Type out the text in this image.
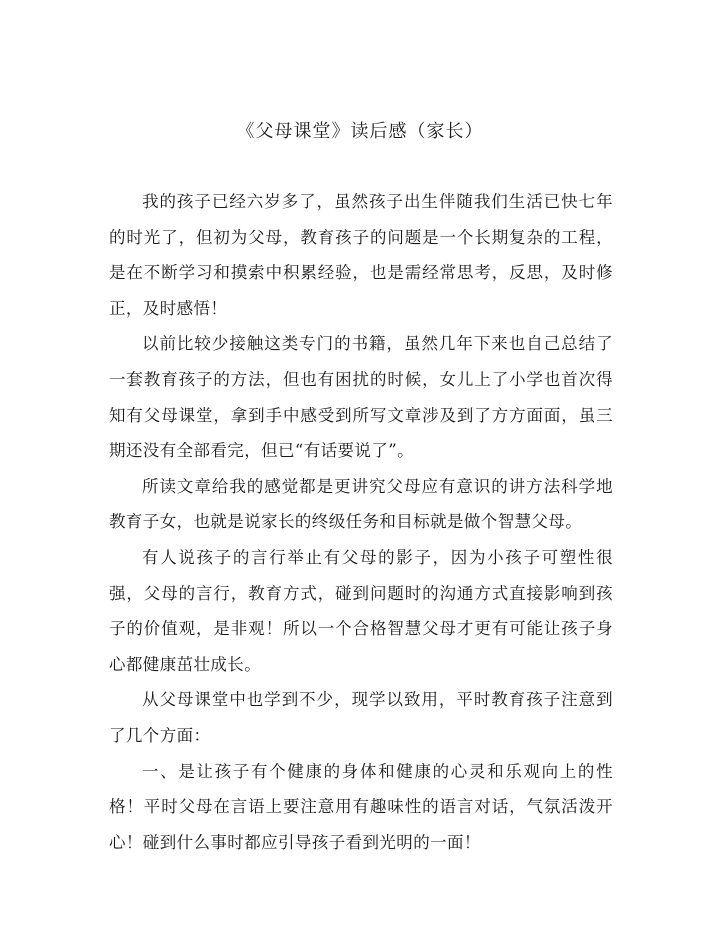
《父母课堂》读后感（家长）

我的孩子已经六岁多了，虽然孩子出生伴随我们生活已快七年的时光了，但初为父母，教育孩子的问题是一个长期复杂的工程，是在不断学习和摸索中积累经验，也是需经常思考，反思，及时修正，及时感悟！

以前比较少接触这类专门的书籍，虽然几年下来也自己总结了一套教育孩子的方法，但也有困扰的时候，女儿上了小学也首次得知有父母课堂，拿到手中感受到所写文章涉及到了方方面面，虽三期还没有全部看完，但已“有话要说了”。

所读文章给我的感觉都是更讲究父母应有意识的讲方法科学地教育子女，也就是说家长的终级任务和目标就是做个智慧父母。

有人说孩子的言行举止有父母的影子，因为小孩子可塑性很强，父母的言行，教育方式，碰到问题时的沟通方式直接影响到孩子的价值观，是非观！所以一个合格智慧父母才更有可能让孩子身心都健康茁壮成长。

从父母课堂中也学到不少，现学以致用，平时教育孩子注意到了几个方面：

一、是让孩子有个健康的身体和健康的心灵和乐观向上的性格！平时父母在言语上要注意用有趣味性的语言对话，气氛活泼开心！碰到什么事时都应引导孩子看到光明的一面！
